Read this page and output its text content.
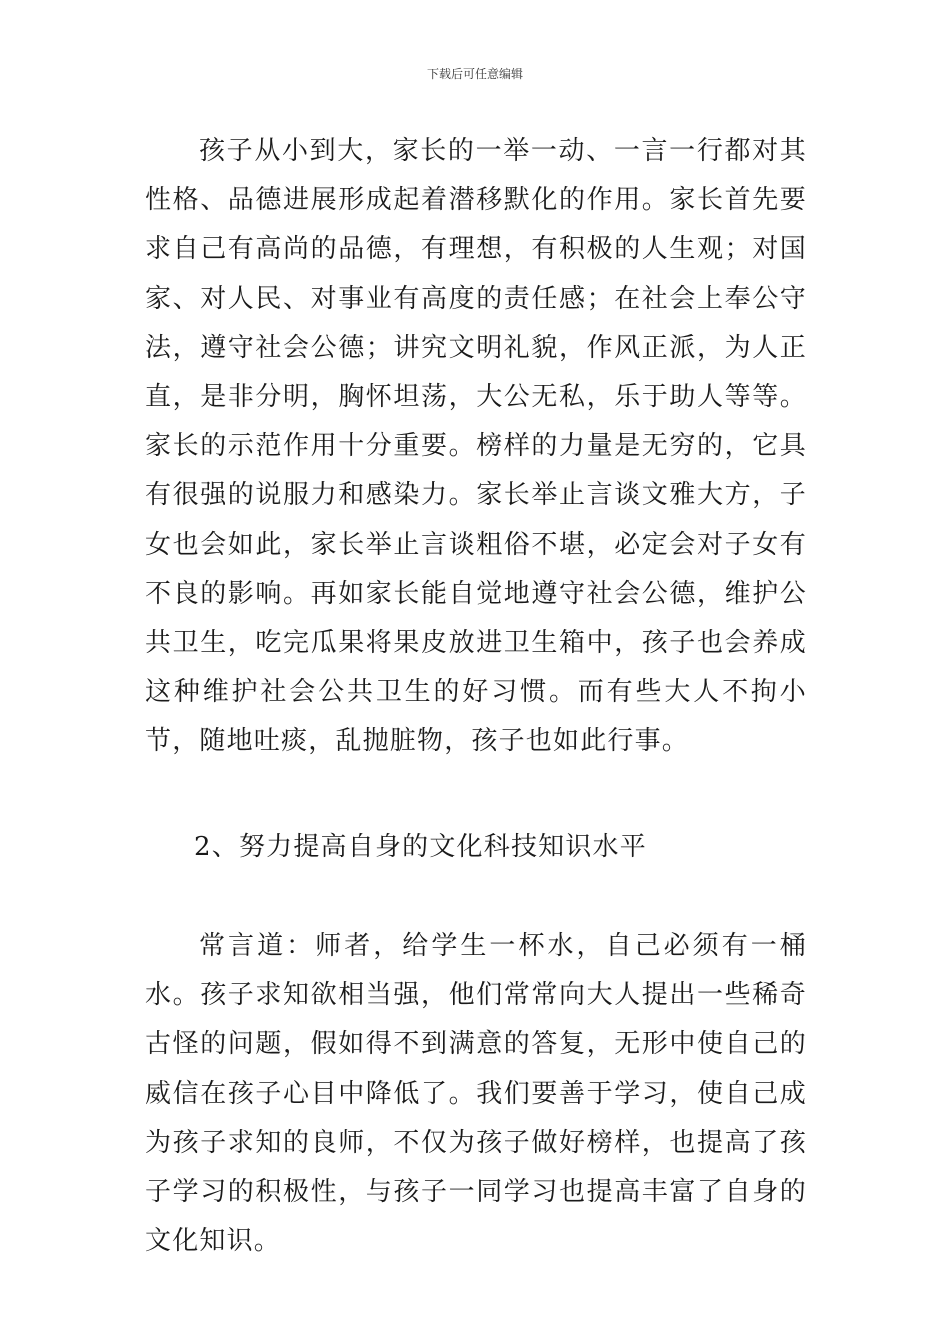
下载后可任意编辑

孩子从小到大，家长的一举一动、一言一行都对其性格、品德进展形成起着潜移默化的作用。家长首先要求自己有高尚的品德，有理想，有积极的人生观；对国家、对人民、对事业有高度的责任感；在社会上奉公守法，遵守社会公德；讲究文明礼貌，作风正派，为人正直，是非分明，胸怀坦荡，大公无私，乐于助人等等。家长的示范作用十分重要。榜样的力量是无穷的，它具有很强的说服力和感染力。家长举止言谈文雅大方，子女也会如此，家长举止言谈粗俗不堪，必定会对子女有不良的影响。再如家长能自觉地遵守社会公德，维护公共卫生，吃完瓜果将果皮放进卫生箱中，孩子也会养成这种维护社会公共卫生的好习惯。而有些大人不拘小节，随地吐痰，乱抛脏物，孩子也如此行事。

2、努力提高自身的文化科技知识水平

常言道：师者，给学生一杯水，自己必须有一桶水。孩子求知欲相当强，他们常常向大人提出一些稀奇古怪的问题，假如得不到满意的答复，无形中使自己的威信在孩子心目中降低了。我们要善于学习，使自己成为孩子求知的良师，不仅为孩子做好榜样，也提高了孩子学习的积极性，与孩子一同学习也提高丰富了自身的文化知识。
